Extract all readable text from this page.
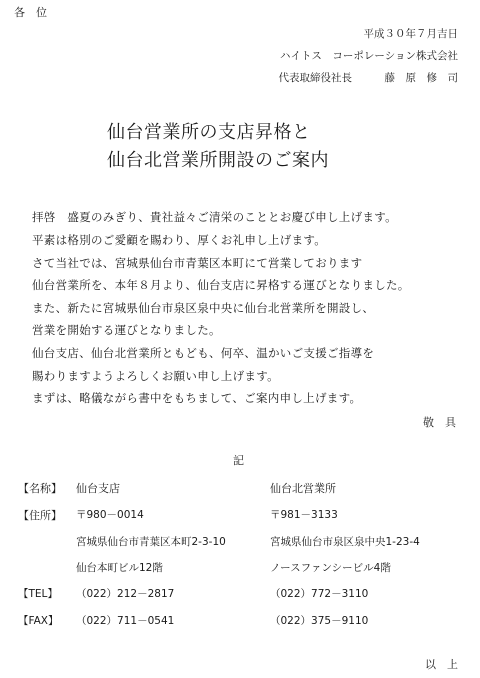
各　位
平成３０年７月吉日
ハイトス　コーポレーション株式会社
代表取締役社長	藤　原　修　司
仙台営業所の支店昇格と
仙台北営業所開設のご案内
拝啓　盛夏のみぎり、貴社益々ご清栄のこととお慶び申し上げます。
平素は格別のご愛顧を賜わり、厚くお礼申し上げます。
さて当社では、宮城県仙台市青葉区本町にて営業しております
仙台営業所を、本年８月より、仙台支店に昇格する運びとなりました。
また、新たに宮城県仙台市泉区泉中央に仙台北営業所を開設し、
営業を開始する運びとなりました。
仙台支店、仙台北営業所ともども、何卒、温かいご支援ご指導を
賜わりますようよろしくお願い申し上げます。
まずは、略儀ながら書中をもちまして、ご案内申し上げます。
敬　具
記
【名称】
【住所】
【TEL】
【FAX】
仙台支店
〒980－0014
宮城県仙台市青葉区本町2-3-10
仙台本町ビル12階
（022）212－2817
（022）711－0541
仙台北営業所
〒981－3133
宮城県仙台市泉区泉中央1-23-4
ノースファンシービル4階
（022）772－3110
（022）375－9110
以　上
